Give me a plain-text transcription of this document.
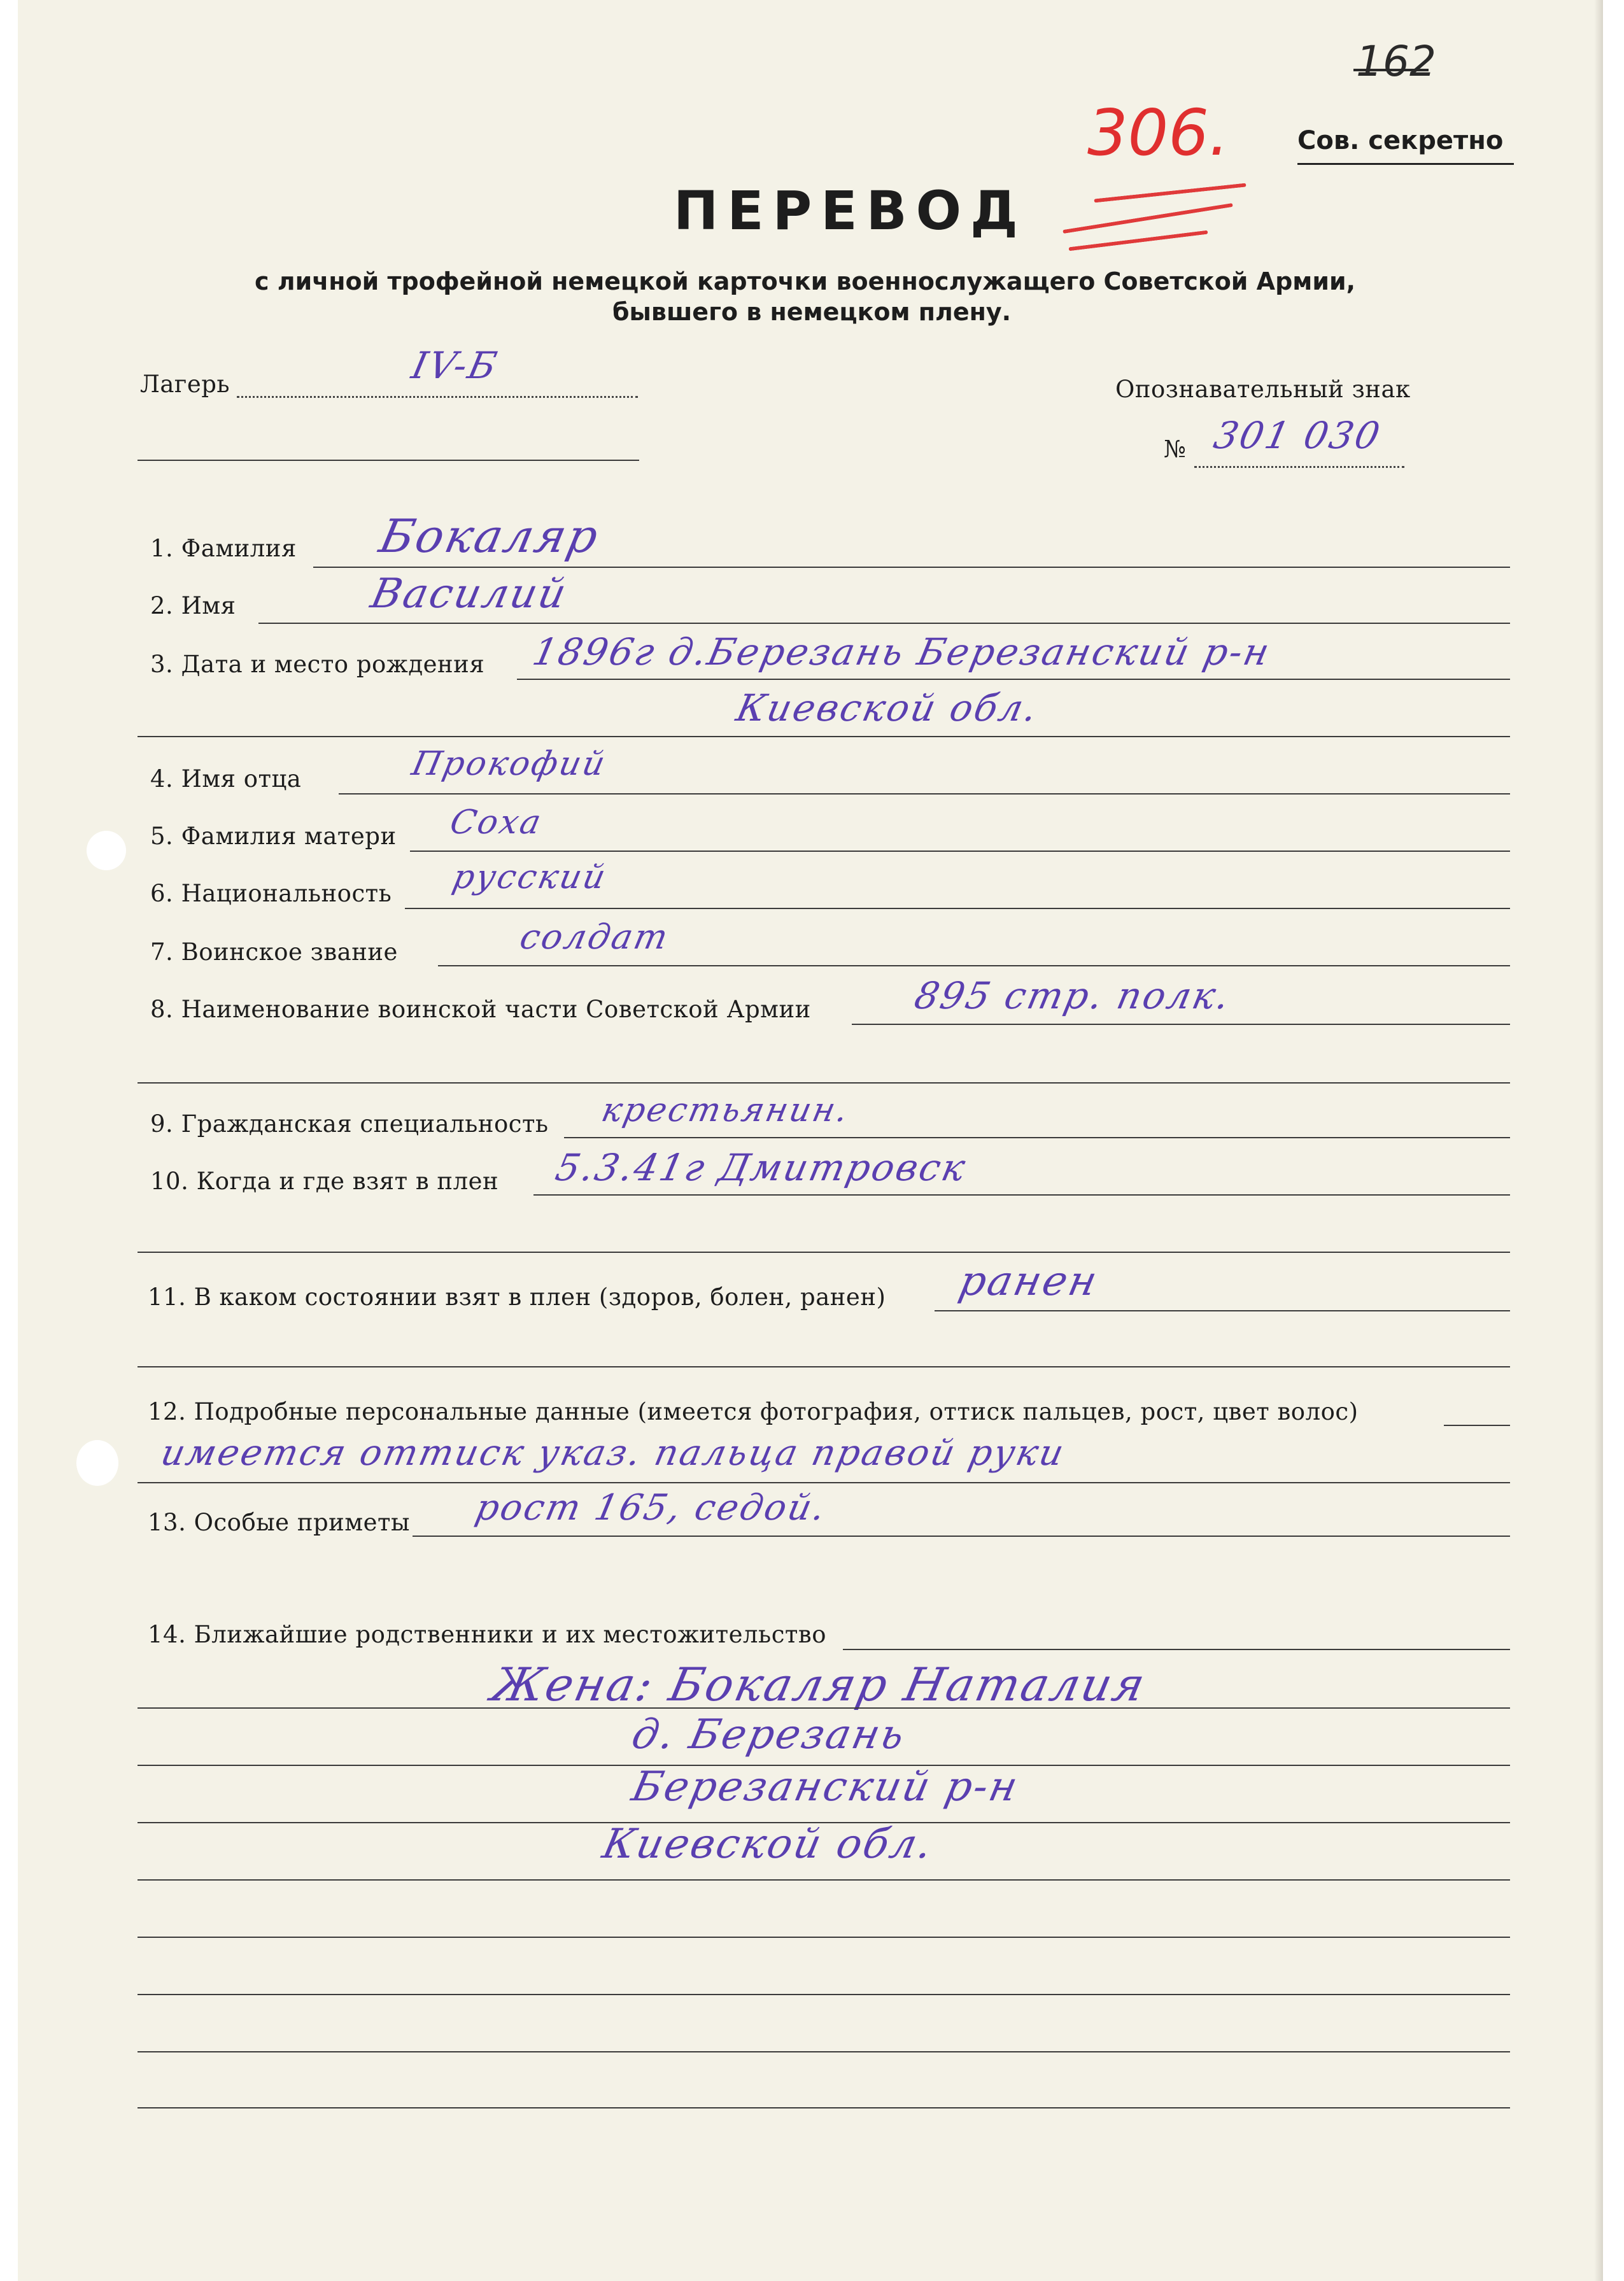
162
306.	Сов. секретно
ПЕРЕВОД
с личной трофейной немецкой карточки военнослужащего Советской Армии,
бывшего в немецком плену.
Лагерь	IV-Б
Опознавательный знак
№ 301 030
1. Фамилия Бокаляр
2. Имя	Василий
3. Дата и место рождения 1896г д.Березань Березанский р-н
Киевской обл.
4. Имя отца	Прокофий
5. Фамилия матери Соха
6. Национальность русский
7. Воинское звание	солдат
8. Наименование воинской части Советской Армии	895 стр. полк.
9. Гражданская специальность крестьянин.
10. Когда и где взят в плен 5.3.41г Дмитровск
11. В каком состоянии взят в плен (здоров, болен, ранен) ранен
12. Подробные персональные данные (имеется фотография, оттиск пальцев, рост, цвет волос)
имеется оттиск указ. пальца правой руки
13. Особые приметы рост 165, седой.
14. Ближайшие родственники и их местожительство
Жена: Бокаляр Наталия
д. Березань
Березанский р-н
Киевской обл.
